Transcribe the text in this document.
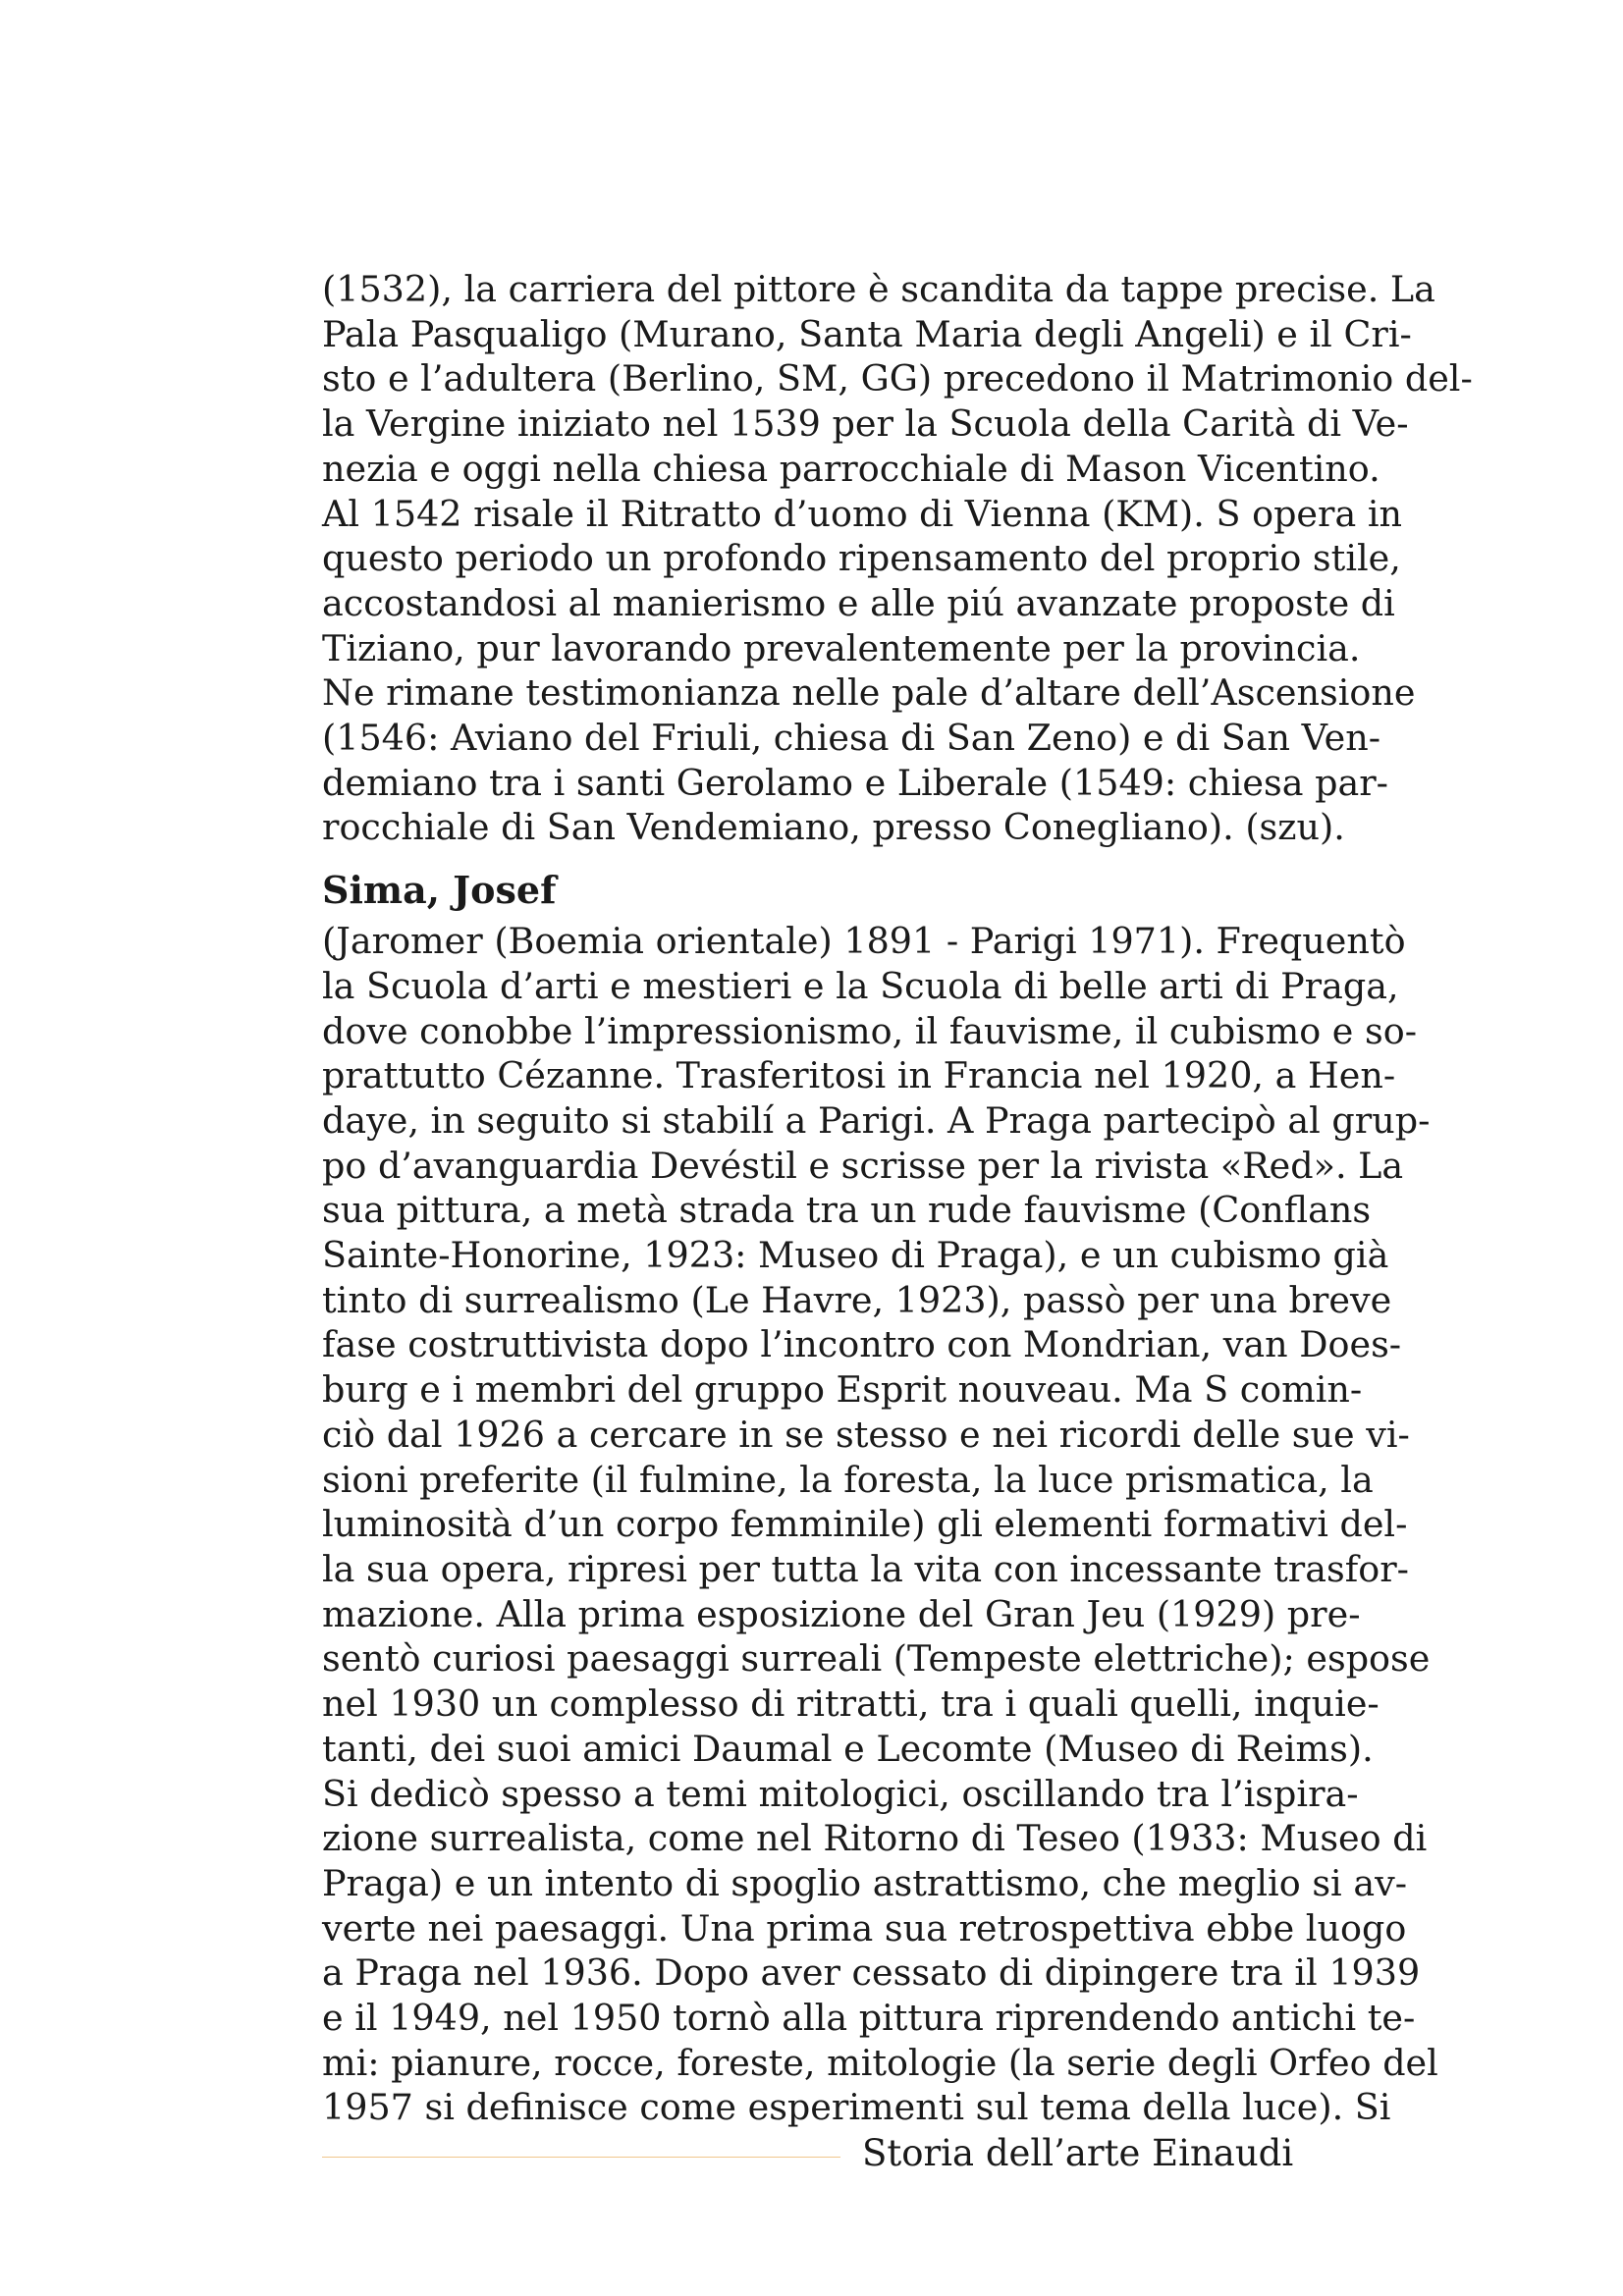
(1532), la carriera del pittore è scandita da tappe precise. La
Pala Pasqualigo (Murano, Santa Maria degli Angeli) e il Cri-
sto e l’adultera (Berlino, SM, GG) precedono il Matrimonio del-
la Vergine iniziato nel 1539 per la Scuola della Carità di Ve-
nezia e oggi nella chiesa parrocchiale di Mason Vicentino.
Al 1542 risale il Ritratto d’uomo di Vienna (KM). S opera in
questo periodo un profondo ripensamento del proprio stile,
accostandosi al manierismo e alle piú avanzate proposte di
Tiziano, pur lavorando prevalentemente per la provincia.
Ne rimane testimonianza nelle pale d’altare dell’Ascensione
(1546: Aviano del Friuli, chiesa di San Zeno) e di San Ven-
demiano tra i santi Gerolamo e Liberale (1549: chiesa par-
rocchiale di San Vendemiano, presso Conegliano). (szu).
Sima, Josef
(Jaromer (Boemia orientale) 1891 - Parigi 1971). Frequentò
la Scuola d’arti e mestieri e la Scuola di belle arti di Praga,
dove conobbe l’impressionismo, il fauvisme, il cubismo e so-
prattutto Cézanne. Trasferitosi in Francia nel 1920, a Hen-
daye, in seguito si stabilí a Parigi. A Praga partecipò al grup-
po d’avanguardia Devéstil e scrisse per la rivista «Red». La
sua pittura, a metà strada tra un rude fauvisme (Conflans
Sainte-Honorine, 1923: Museo di Praga), e un cubismo già
tinto di surrealismo (Le Havre, 1923), passò per una breve
fase costruttivista dopo l’incontro con Mondrian, van Does-
burg e i membri del gruppo Esprit nouveau. Ma S comin-
ciò dal 1926 a cercare in se stesso e nei ricordi delle sue vi-
sioni preferite (il fulmine, la foresta, la luce prismatica, la
luminosità d’un corpo femminile) gli elementi formativi del-
la sua opera, ripresi per tutta la vita con incessante trasfor-
mazione. Alla prima esposizione del Gran Jeu (1929) pre-
sentò curiosi paesaggi surreali (Tempeste elettriche); espose
nel 1930 un complesso di ritratti, tra i quali quelli, inquie-
tanti, dei suoi amici Daumal e Lecomte (Museo di Reims).
Si dedicò spesso a temi mitologici, oscillando tra l’ispira-
zione surrealista, come nel Ritorno di Teseo (1933: Museo di
Praga) e un intento di spoglio astrattismo, che meglio si av-
verte nei paesaggi. Una prima sua retrospettiva ebbe luogo
a Praga nel 1936. Dopo aver cessato di dipingere tra il 1939
e il 1949, nel 1950 tornò alla pittura riprendendo antichi te-
mi: pianure, rocce, foreste, mitologie (la serie degli Orfeo del
1957 si definisce come esperimenti sul tema della luce). Si
Storia dell’arte Einaudi
